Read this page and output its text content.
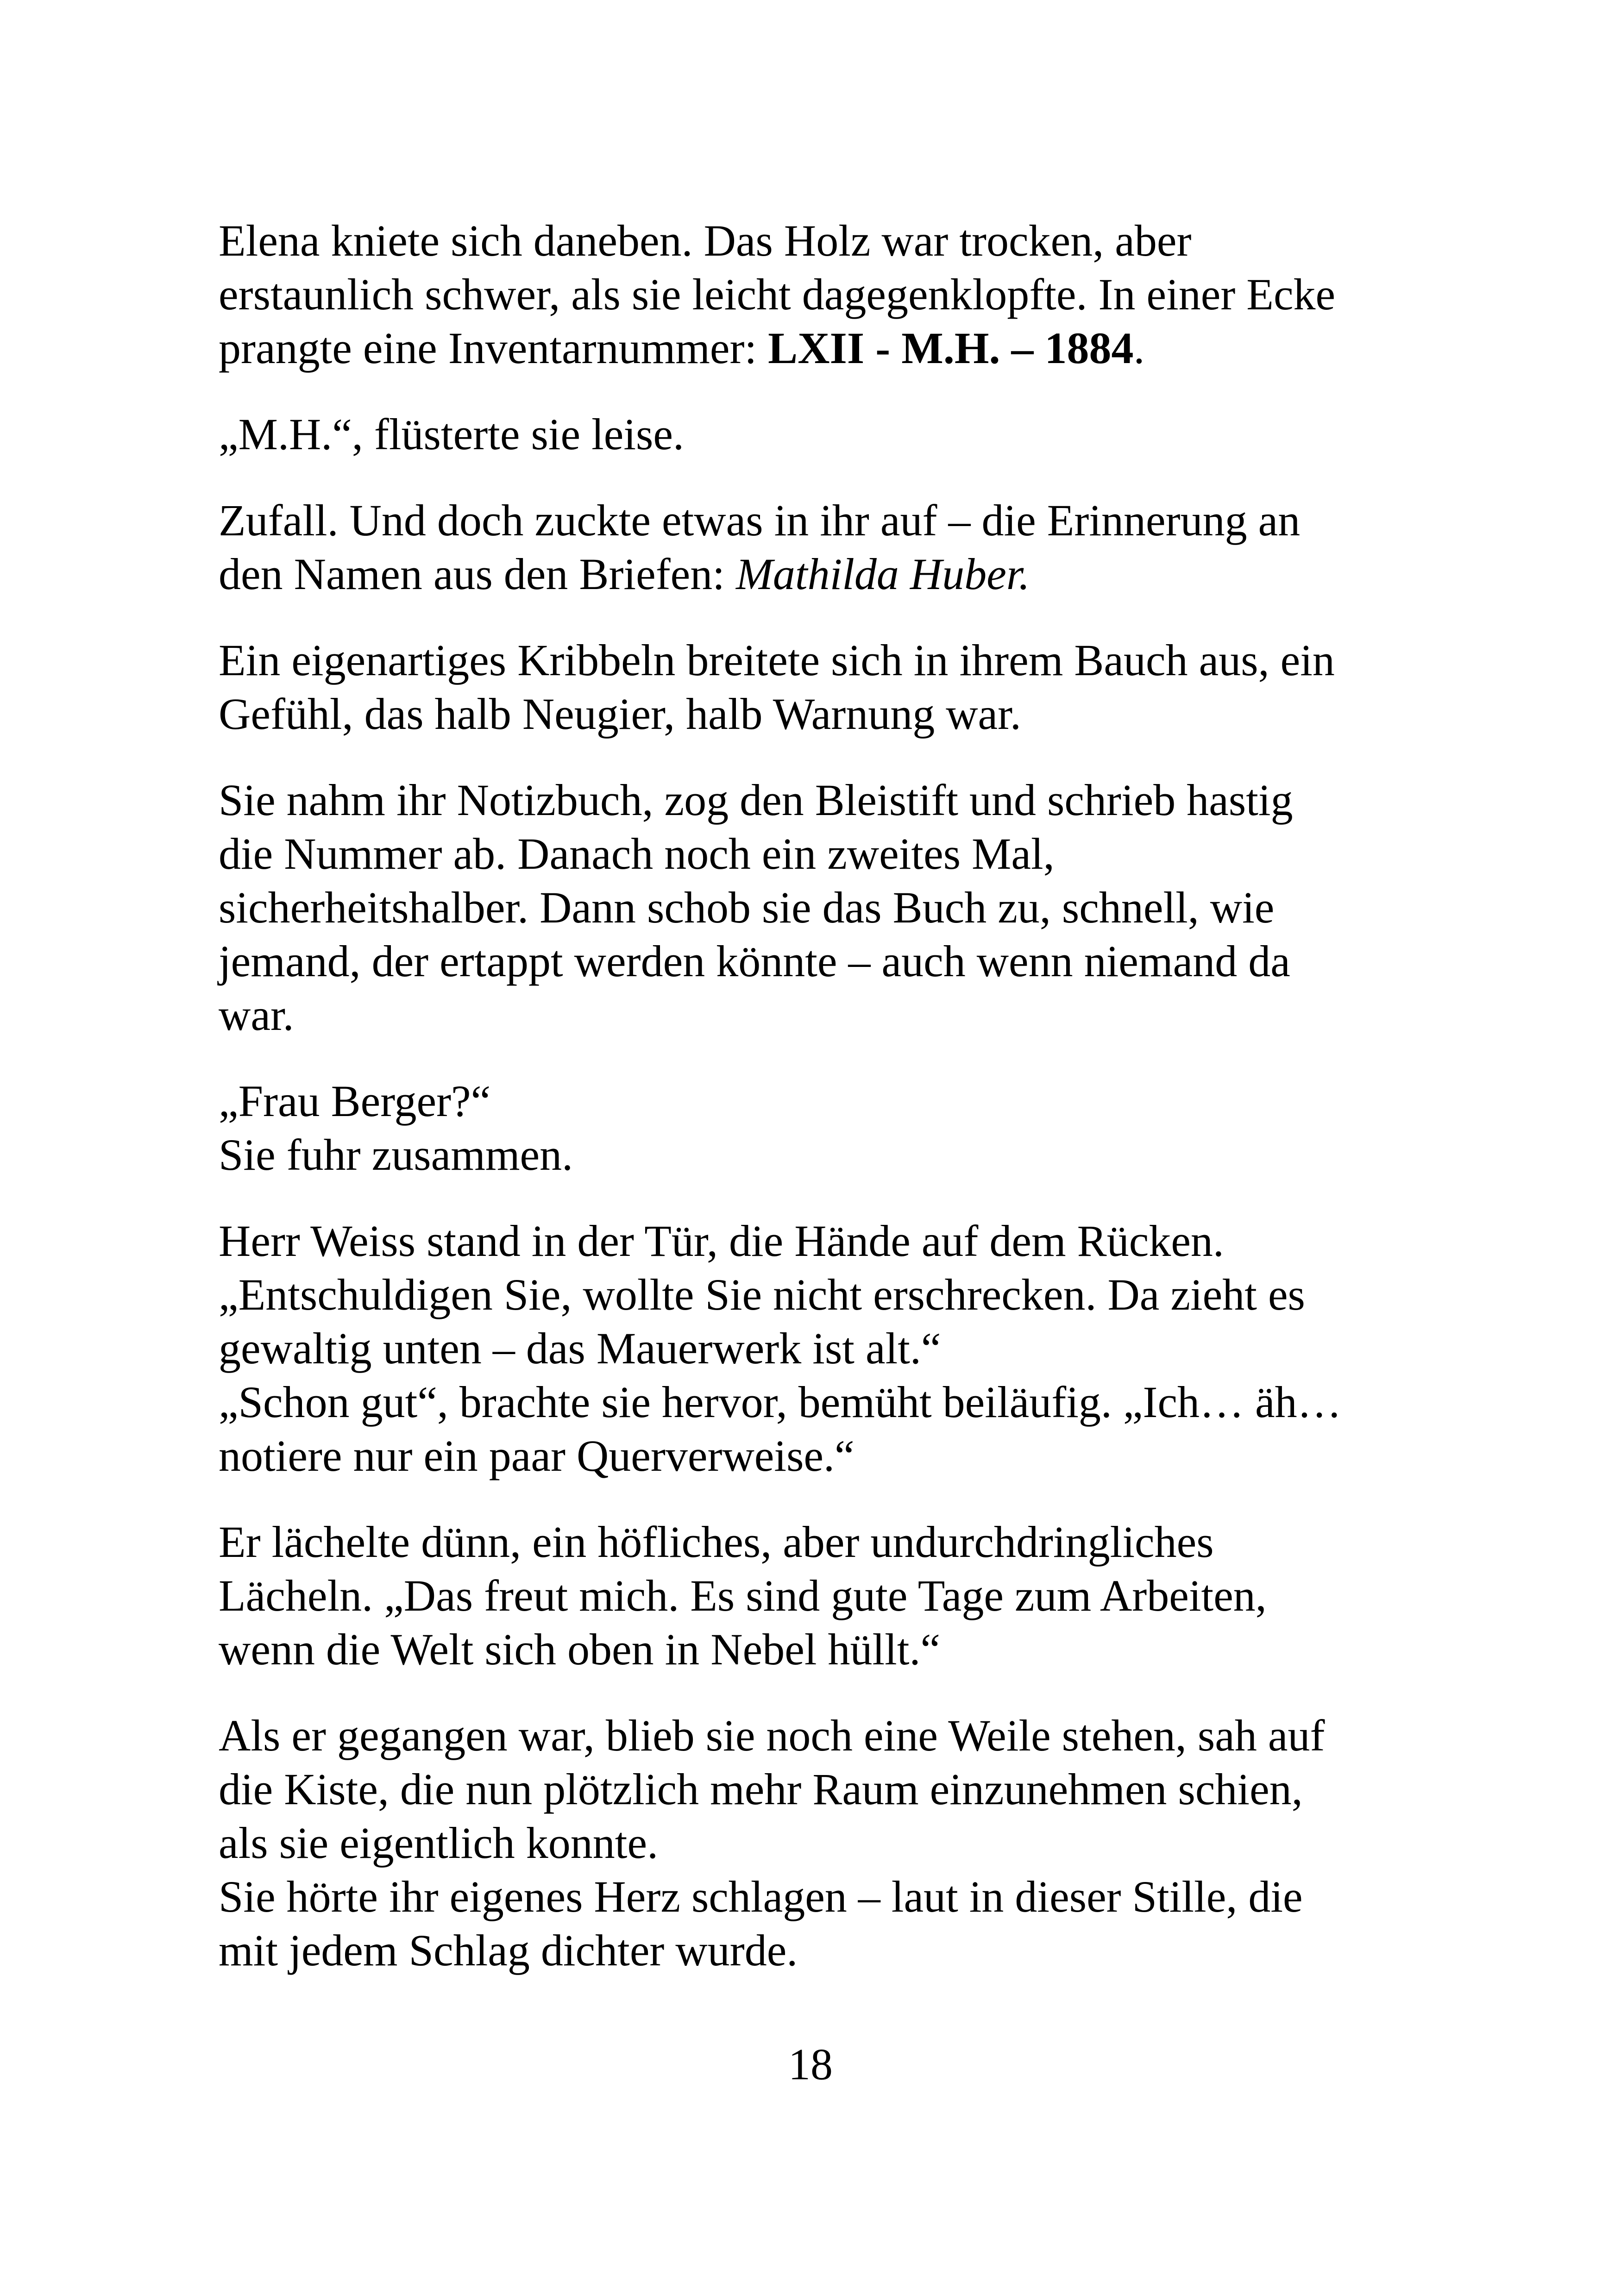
Elena kniete sich daneben. Das Holz war trocken, aber
erstaunlich schwer, als sie leicht dagegenklopfte. In einer Ecke
prangte eine Inventarnummer: LXII - M.H. – 1884.

„M.H.“, flüsterte sie leise.

Zufall. Und doch zuckte etwas in ihr auf – die Erinnerung an
den Namen aus den Briefen: Mathilda Huber.

Ein eigenartiges Kribbeln breitete sich in ihrem Bauch aus, ein
Gefühl, das halb Neugier, halb Warnung war.

Sie nahm ihr Notizbuch, zog den Bleistift und schrieb hastig
die Nummer ab. Danach noch ein zweites Mal,
sicherheitshalber. Dann schob sie das Buch zu, schnell, wie
jemand, der ertappt werden könnte – auch wenn niemand da
war.

„Frau Berger?“
Sie fuhr zusammen.

Herr Weiss stand in der Tür, die Hände auf dem Rücken.
„Entschuldigen Sie, wollte Sie nicht erschrecken. Da zieht es
gewaltig unten – das Mauerwerk ist alt.“
„Schon gut“, brachte sie hervor, bemüht beiläufig. „Ich… äh…
notiere nur ein paar Querverweise.“

Er lächelte dünn, ein höfliches, aber undurchdringliches
Lächeln. „Das freut mich. Es sind gute Tage zum Arbeiten,
wenn die Welt sich oben in Nebel hüllt.“

Als er gegangen war, blieb sie noch eine Weile stehen, sah auf
die Kiste, die nun plötzlich mehr Raum einzunehmen schien,
als sie eigentlich konnte.
Sie hörte ihr eigenes Herz schlagen – laut in dieser Stille, die
mit jedem Schlag dichter wurde.

18
